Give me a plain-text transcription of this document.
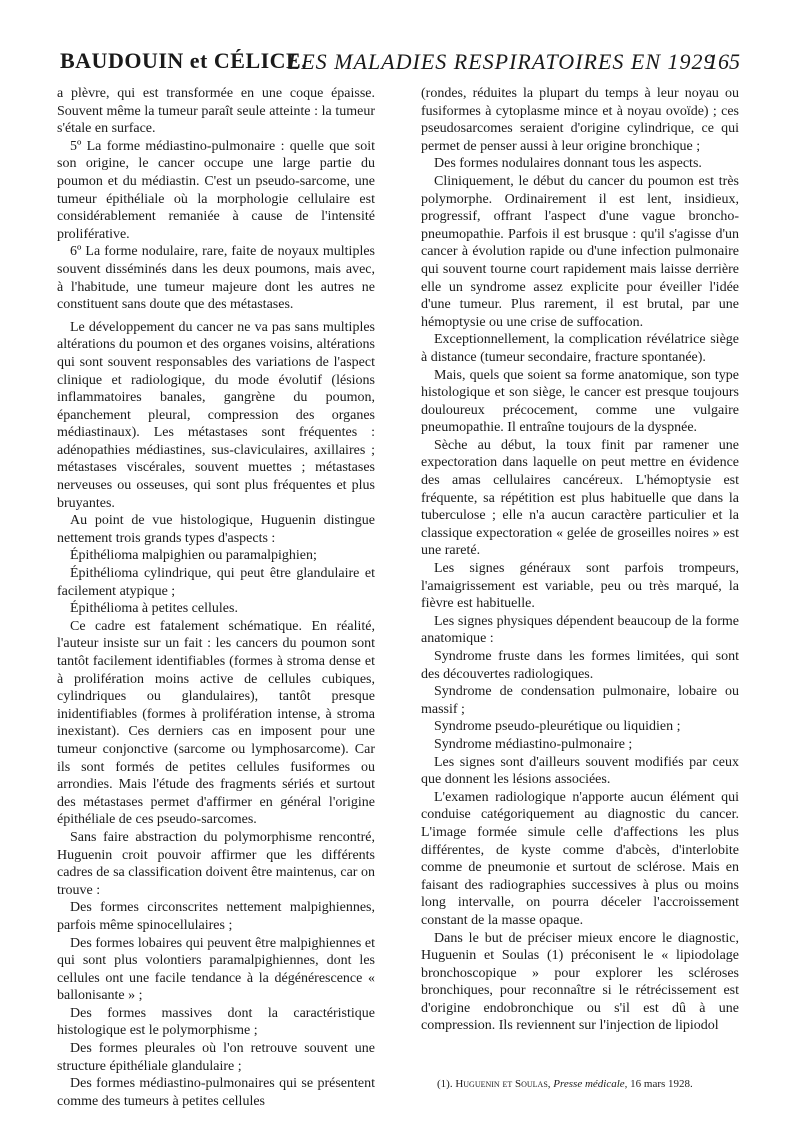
BAUDOUIN et CÉLICE.
LES MALADIES RESPIRATOIRES EN 1929
165

a plèvre, qui est transformée en une coque épaisse. Souvent même la tumeur paraît seule atteinte : la tumeur s'étale en surface.

5º La forme médiastino-pulmonaire : quelle que soit son origine, le cancer occupe une large partie du poumon et du médiastin. C'est un pseudo-sarcome, une tumeur épithéliale où la morphologie cellulaire est considérablement remaniée à cause de l'intensité proliférative.

6º La forme nodulaire, rare, faite de noyaux multiples souvent disséminés dans les deux poumons, mais avec, à l'habitude, une tumeur majeure dont les autres ne constituent sans doute que des métastases.

Le développement du cancer ne va pas sans multiples altérations du poumon et des organes voisins, altérations qui sont souvent responsables des variations de l'aspect clinique et radiologique, du mode évolutif (lésions inflammatoires banales, gangrène du poumon, épanchement pleural, compression des organes médiastinaux). Les métastases sont fréquentes : adénopathies médiastines, sus-claviculaires, axillaires ; métastases viscérales, souvent muettes ; métastases nerveuses ou osseuses, qui sont plus fréquentes et plus bruyantes.

Au point de vue histologique, Huguenin distingue nettement trois grands types d'aspects :

Épithélioma malpighien ou paramalpighien;

Épithélioma cylindrique, qui peut être glandulaire et facilement atypique ;

Épithélioma à petites cellules.

Ce cadre est fatalement schématique. En réalité, l'auteur insiste sur un fait : les cancers du poumon sont tantôt facilement identifiables (formes à stroma dense et à prolifération moins active de cellules cubiques, cylindriques ou glandulaires), tantôt presque inidentifiables (formes à prolifération intense, à stroma inexistant). Ces derniers cas en imposent pour une tumeur conjonctive (sarcome ou lymphosarcome). Car ils sont formés de petites cellules fusiformes ou arrondies. Mais l'étude des fragments sériés et surtout des métastases permet d'affirmer en général l'origine épithéliale de ces pseudo-sarcomes.

Sans faire abstraction du polymorphisme rencontré, Huguenin croit pouvoir affirmer que les différents cadres de sa classification doivent être maintenus, car on trouve :

Des formes circonscrites nettement malpighiennes, parfois même spinocellulaires ;

Des formes lobaires qui peuvent être malpighiennes et qui sont plus volontiers paramalpighiennes, dont les cellules ont une facile tendance à la dégénérescence « ballonisante » ;

Des formes massives dont la caractéristique histologique est le polymorphisme ;

Des formes pleurales où l'on retrouve souvent une structure épithéliale glandulaire ;

Des formes médiastino-pulmonaires qui se présentent comme des tumeurs à petites cellules

(rondes, réduites la plupart du temps à leur noyau ou fusiformes à cytoplasme mince et à noyau ovoïde) ; ces pseudosarcomes seraient d'origine cylindrique, ce qui permet de penser aussi à leur origine bronchique ;

Des formes nodulaires donnant tous les aspects.

Cliniquement, le début du cancer du poumon est très polymorphe. Ordinairement il est lent, insidieux, progressif, offrant l'aspect d'une vague broncho-pneumopathie. Parfois il est brusque : qu'il s'agisse d'un cancer à évolution rapide ou d'une infection pulmonaire qui souvent tourne court rapidement mais laisse derrière elle un syndrome assez explicite pour éveiller l'idée d'une tumeur. Plus rarement, il est brutal, par une hémoptysie ou une crise de suffocation.

Exceptionnellement, la complication révélatrice siège à distance (tumeur secondaire, fracture spontanée).

Mais, quels que soient sa forme anatomique, son type histologique et son siège, le cancer est presque toujours douloureux précocement, comme une vulgaire pneumopathie. Il entraîne toujours de la dyspnée.

Sèche au début, la toux finit par ramener une expectoration dans laquelle on peut mettre en évidence des amas cellulaires cancéreux. L'hémoptysie est fréquente, sa répétition est plus habituelle que dans la tuberculose ; elle n'a aucun caractère particulier et la classique expectoration « gelée de groseilles noires » est une rareté.

Les signes généraux sont parfois trompeurs, l'amaigrissement est variable, peu ou très marqué, la fièvre est habituelle.

Les signes physiques dépendent beaucoup de la forme anatomique :

Syndrome fruste dans les formes limitées, qui sont des découvertes radiologiques.

Syndrome de condensation pulmonaire, lobaire ou massif ;

Syndrome pseudo-pleurétique ou liquidien ;

Syndrome médiastino-pulmonaire ;

Les signes sont d'ailleurs souvent modifiés par ceux que donnent les lésions associées.

L'examen radiologique n'apporte aucun élément qui conduise catégoriquement au diagnostic du cancer. L'image formée simule celle d'affections les plus différentes, de kyste comme d'abcès, d'interlobite comme de pneumonie et surtout de sclérose. Mais en faisant des radiographies successives à plus ou moins long intervalle, on pourra déceler l'accroissement constant de la masse opaque.

Dans le but de préciser mieux encore le diagnostic, Huguenin et Soulas (1) préconisent le « lipiodolage bronchoscopique » pour explorer les scléroses bronchiques, pour reconnaître si le rétrécissement est d'origine endobronchique ou s'il est dû à une compression. Ils reviennent sur l'injection de lipiodol

(1). Huguenin et Soulas, Presse médicale, 16 mars 1928.
